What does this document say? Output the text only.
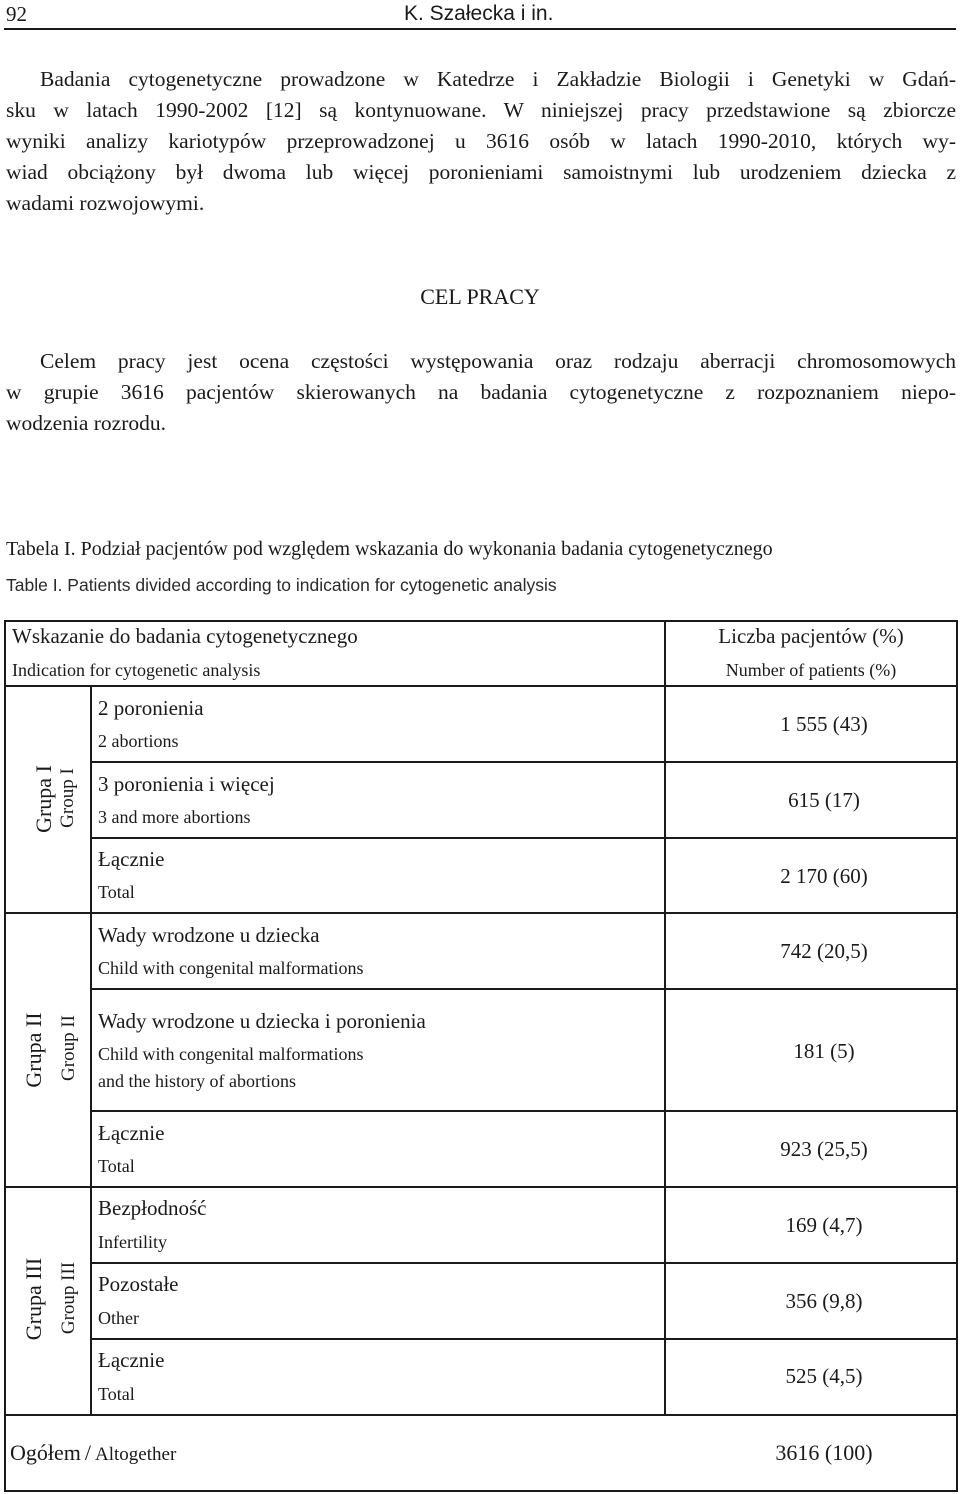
92	K. Szałecka i in.
Badania cytogenetyczne prowadzone w Katedrze i Zakładzie Biologii i Genetyki w Gdań-
sku w latach 1990-2002 [12] są kontynuowane. W niniejszej pracy przedstawione są zbiorcze
wyniki analizy kariotypów przeprowadzonej u 3616 osób w latach 1990-2010, których wy-
wiad obciążony był dwoma lub więcej poronieniami samoistnymi lub urodzeniem dziecka z
wadami rozwojowymi.
CEL PRACY
Celem pracy jest ocena częstości występowania oraz rodzaju aberracji chromosomowych
w grupie 3616 pacjentów skierowanych na badania cytogenetyczne z rozpoznaniem niepo-
wodzenia rozrodu.
Tabela I. Podział pacjentów pod względem wskazania do wykonania badania cytogenetycznego
Table I. Patients divided according to indication for cytogenetic analysis
Wskazanie do badania cytogenetycznego
Indication for cytogenetic analysis
Liczba pacjentów (%)
Number of patients (%)
Grupa I Group I
Grupa II Group II
Grupa III Group III
2 poronienia
2 abortions
1 555 (43)
3 poronienia i więcej
3 and more abortions
615 (17)
Łącznie
Total
2 170 (60)
Wady wrodzone u dziecka
Child with congenital malformations
742 (20,5)
Wady wrodzone u dziecka i poronienia
Child with congenital malformations
and the history of abortions
181 (5)
Łącznie
Total
923 (25,5)
Bezpłodność
Infertility
169 (4,7)
Pozostałe
Other
356 (9,8)
Łącznie
Total
525 (4,5)
Ogółem / Altogether	3616 (100)
